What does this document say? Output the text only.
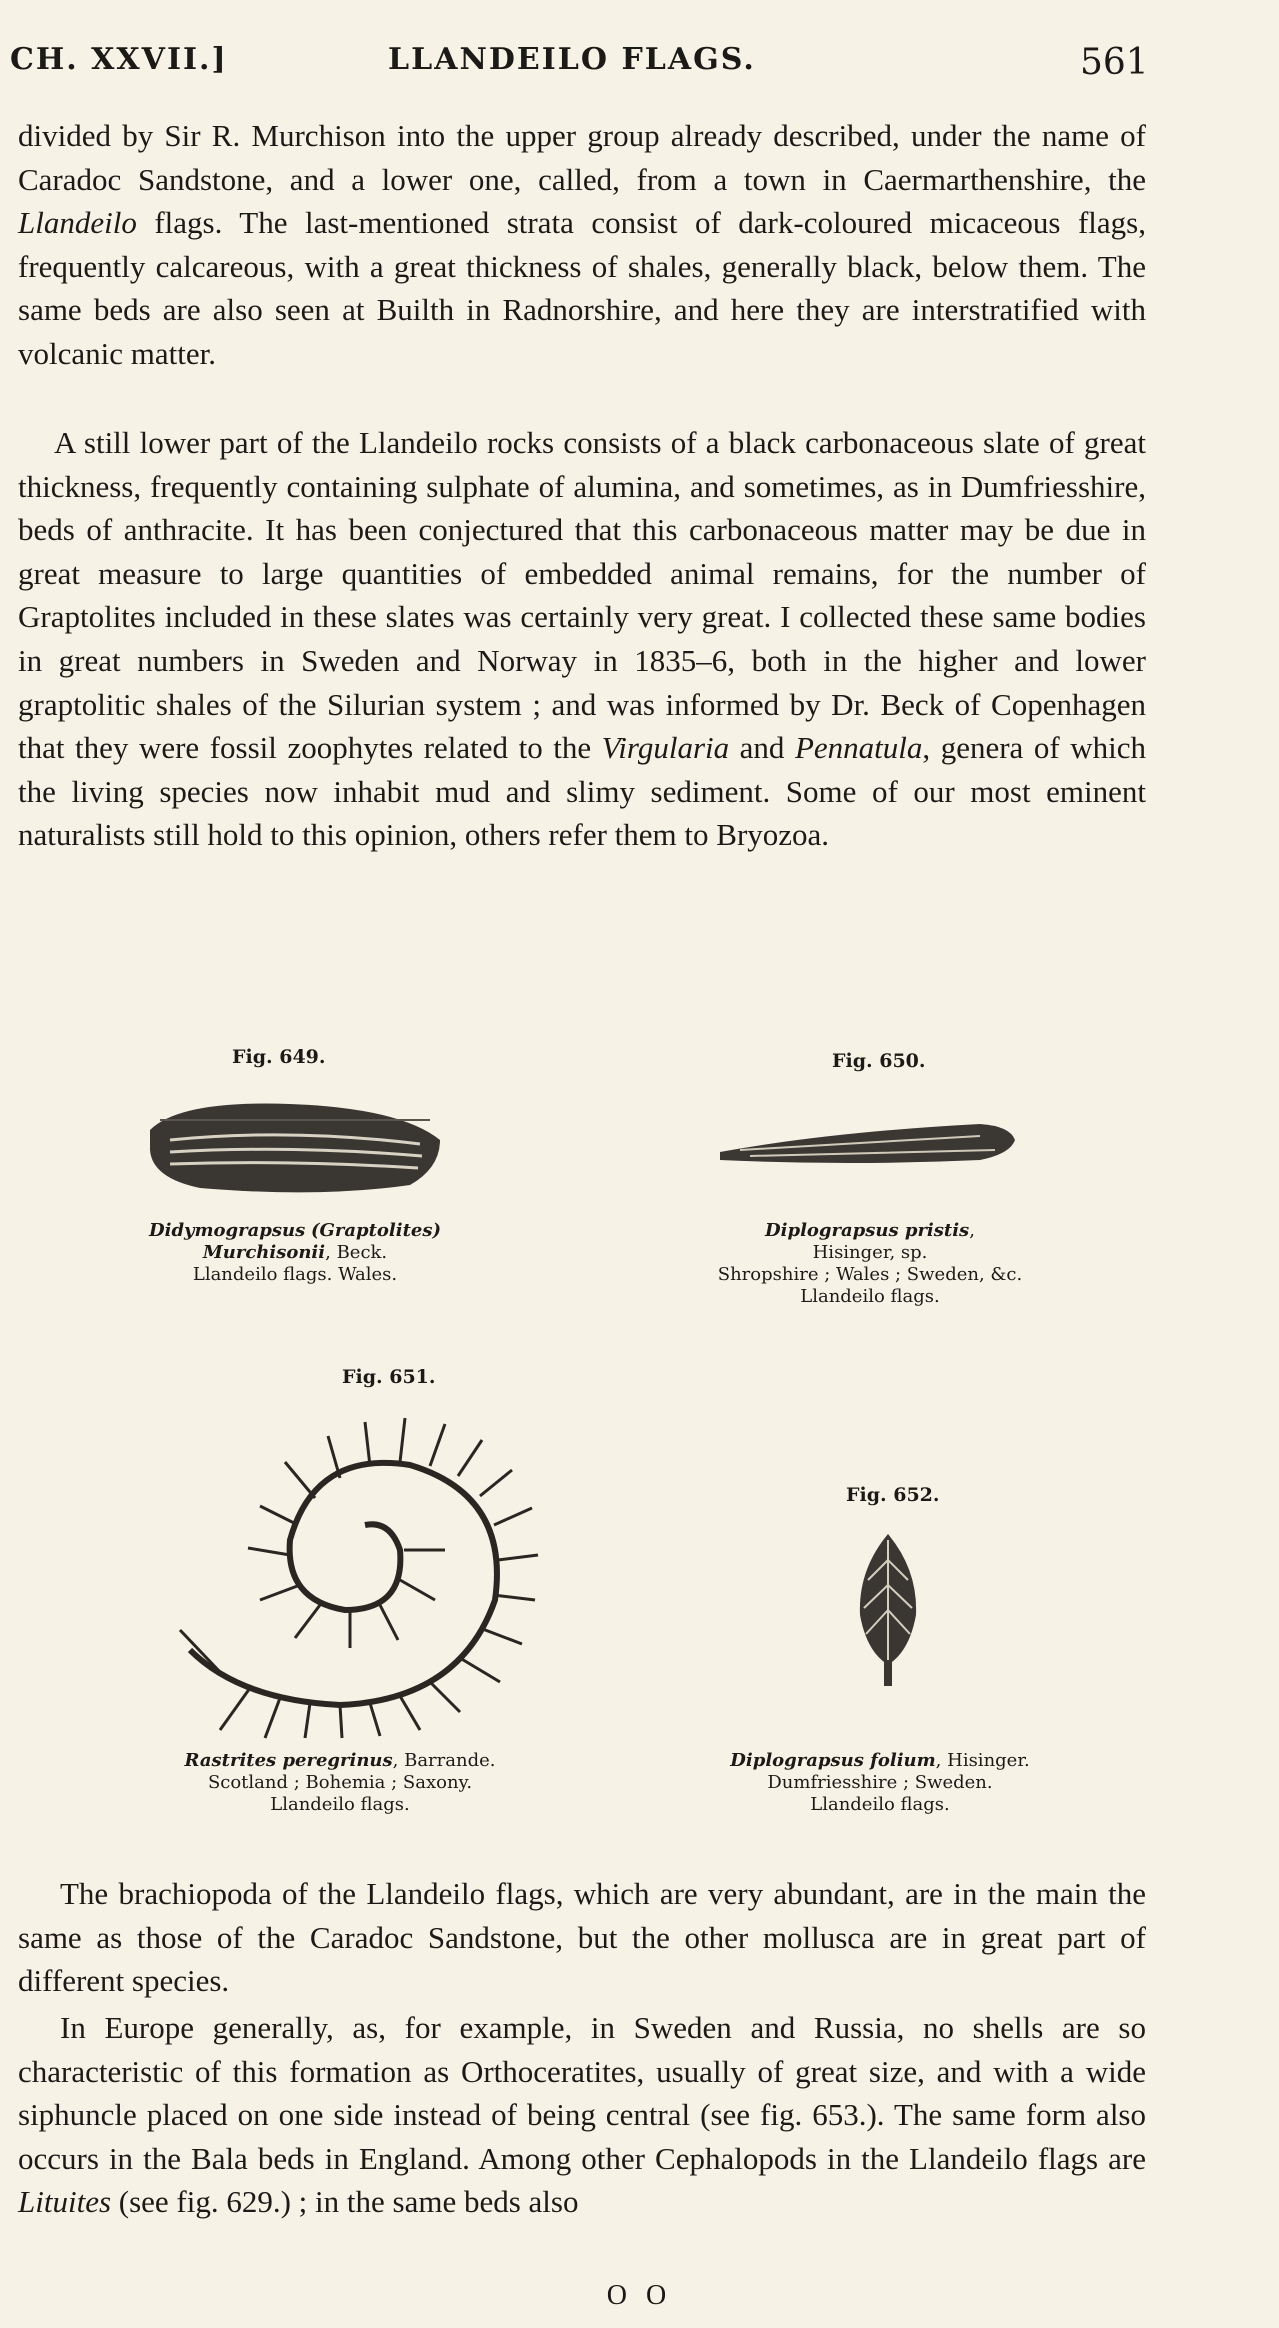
CH. XXVII.]	LLANDEILO FLAGS.	561

divided by Sir R. Murchison into the upper group already described, under the name of Caradoc Sandstone, and a lower one, called, from a town in Caermarthenshire, the Llandeilo flags. The last-mentioned strata consist of dark-coloured micaceous flags, frequently calcareous, with a great thickness of shales, generally black, below them. The same beds are also seen at Builth in Radnorshire, and here they are interstratified with volcanic matter.

A still lower part of the Llandeilo rocks consists of a black carbonaceous slate of great thickness, frequently containing sulphate of alumina, and sometimes, as in Dumfriesshire, beds of anthracite. It has been conjectured that this carbonaceous matter may be due in great measure to large quantities of embedded animal remains, for the number of Graptolites included in these slates was certainly very great. I collected these same bodies in great numbers in Sweden and Norway in 1835–6, both in the higher and lower graptolitic shales of the Silurian system ; and was informed by Dr. Beck of Copenhagen that they were fossil zoophytes related to the Virgularia and Pennatula, genera of which the living species now inhabit mud and slimy sediment. Some of our most eminent naturalists still hold to this opinion, others refer them to Bryozoa.

Fig. 649.
Didymograpsus (Graptolites)
Murchisonii, Beck.
Llandeilo flags. Wales.
Fig. 650.
Diplograpsus pristis,
Hisinger, sp.
Shropshire ; Wales ; Sweden, &c.
Llandeilo flags.
Fig. 651.
Rastrites peregrinus, Barrande.
Scotland ; Bohemia ; Saxony.
Llandeilo flags.
Fig. 652.
Diplograpsus folium, Hisinger.
Dumfriesshire ; Sweden.
Llandeilo flags.

The brachiopoda of the Llandeilo flags, which are very abundant, are in the main the same as those of the Caradoc Sandstone, but the other mollusca are in great part of different species.

In Europe generally, as, for example, in Sweden and Russia, no shells are so characteristic of this formation as Orthoceratites, usually of great size, and with a wide siphuncle placed on one side instead of being central (see fig. 653.). The same form also occurs in the Bala beds in England. Among other Cephalopods in the Llandeilo flags are Lituites (see fig. 629.) ; in the same beds also

O O
